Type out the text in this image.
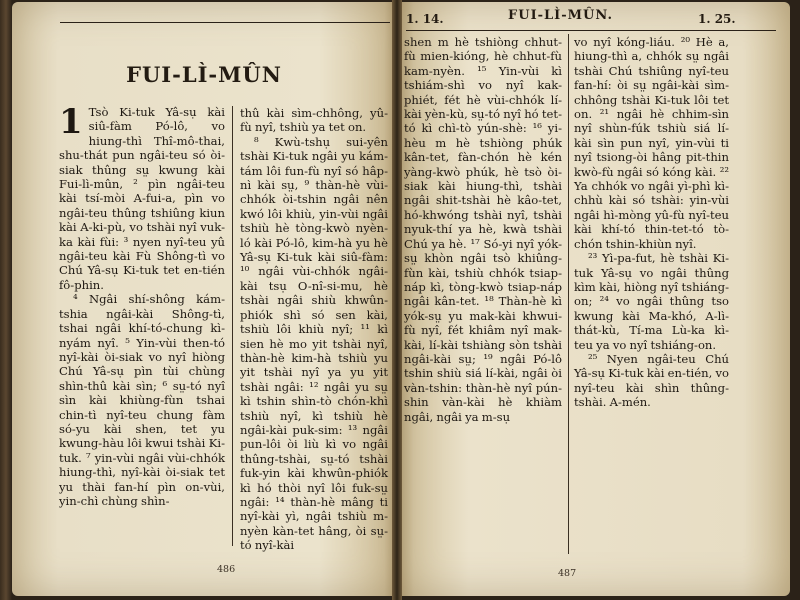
FUI-LÌ-MÛN
1 Tsò Ki-tuk Yâ-sụ kài siû-fàm Pó-lô, vo hiung-thì Thî-mô-thai, shu-thát pun ngâi-teu só òi-siak thûng sṳ kwung kài Fui-lì-mûn, ² pìn ngâi-teu kài tsí-mòi A-fui-a, pìn vo ngâi-teu thûng tshiûng kiun kài A-ki-pù, vo tshài nyî vuk-ka kài fùi: ³ nyen nyî-teu yû ngâi-teu kài Fù Shông-tì vo Chú Yâ-sụ Ki-tuk tet en-tién fô-phin.

⁴ Ngâi shí-shông kám-tshia ngâi-kài Shông-tì, tshai ngâi khí-tó-chung kì-nyám nyî. ⁵ Yin-vùi then-tó nyî-kài òi-siak vo nyî hiòng Chú Yâ-sụ pìn tùi chùng shìn-thû kài sìn; ⁶ sṳ-tó nyî sìn kài khiùng-fùn tshai chin-tì nyî-teu chung fàm só-yu kài shen, tet yu kwung-hàu lôi kwui tshài Ki-tuk. ⁷ yin-vùi ngâi vùi-chhók hiung-thì, nyî-kài òi-siak tet yu thài fan-hí pìn on-vùi, yin-chì chùng shìn-

thû kài sìm-chhông, yû-fù nyî, tshiù ya tet on.

⁸ Kwù-tshụ sui-yên tshài Ki-tuk ngâi yu kám-tám lôi fun-fù nyî só hâp-nì kài sṳ, ⁹ thàn-hè vùi-chhók òi-tshin ngâi nên kwó lôi khiù, yin-vùi ngâi tshiù hè tòng-kwò nyèn-ló kài Pó-lô, kim-hà yu hè Yâ-sụ Ki-tuk kài siû-fàm: ¹⁰ ngâi vùi-chhók ngâi-kài tsụ O-nî-si-mu, hè tshài ngâi shiù khwûn-phiók shì só sen kài, tshiù lôi khiù nyî; ¹¹ kì sien hè mo yit tshài nyî, thàn-hè kim-hà tshiù yu yit tshài nyî ya yu yit tshài ngâi: ¹² ngâi yu sṳ kì tshin shìn-tò chón-khì tshiù nyî, kì tshiù hè ngâi-kài puk-sim: ¹³ ngâi pun-lôi òi liù kì vo ngâi thûng-tshài, sṳ-tó tshài fuk-yin kài khwûn-phiók kì hó thòi nyî lôi fuk-sṳ ngâi: ¹⁴ thàn-hè mâng ti nyî-kài yì, ngâi tshiù m-nyèn kàn-tet hâng, òi sṳ-tó nyî-kài

486
1. 14.	FUI-LÌ-MÛN.	1. 25.

shen m hè tshiòng chhut-fù mien-kióng, hè chhut-fù kam-nyèn. ¹⁵ Yin-vùi kì tshiám-shì vo nyî kak-phiét, fét hè vùi-chhók lí-kài yèn-kù, sṳ-tó nyî hó tet-tó kì chì-tò yún-shè: ¹⁶ yi-hèu m hè tshiòng phúk kân-tet, fàn-chón hè kén yàng-kwò phúk, hè tsò òi-siak kài hiung-thì, tshài ngâi shit-tshài hè kâo-tet, hó-khwóng tshài nyî, tshài nyuk-thí ya hè, kwà tshài Chú ya hè. ¹⁷ Só-yi nyî yók-sṳ khòn ngâi tsò khiûng-fùn kài, tshiù chhók tsiap-náp kì, tòng-kwò tsiap-náp ngâi kân-tet. ¹⁸ Thàn-hè kì yók-sṳ yu mak-kài khwui-fù nyî, fét khiâm nyî mak-kài, lí-kài tshiàng sòn tshài ngâi-kài sṳ; ¹⁹ ngâi Pó-lô tshin shiù siá lí-kài, ngâi òi vàn-tshin: thàn-hè nyî pún-shin vàn-kài hè khiàm ngâi, ngâi ya m-sụ

vo nyî kóng-liáu. ²⁰ Hè a, hiung-thì a, chhók sṳ ngâi tshài Chú tshiûng nyî-teu fan-hí: òi sṳ ngâi-kài sìm-chhông tshài Ki-tuk lôi tet on. ²¹ ngâi hè chhim-sìn nyî shùn-fúk tshiù siá lí-kài sìn pun nyî, yin-vùi ti nyî tsiong-òi hâng pit-thin kwò-fù ngâi só kóng kài. ²² Ya chhók vo ngâi yì-phì kì-chhù kài só tshài: yin-vùi ngâi hì-mòng yû-fù nyî-teu kài khí-tó thin-tet-tó tò-chón tshin-khiùn nyî.

²³ Yì-pa-fut, hè tshài Ki-tuk Yâ-sụ vo ngâi thûng kìm kài, hiòng nyî tshiáng-on; ²⁴ vo ngâi thûng tso kwung kài Ma-khó, A-lì-thát-kù, Tí-ma Lù-ka kì-teu ya vo nyî tshiáng-on.

²⁵ Nyen ngâi-teu Chú Yâ-sụ Ki-tuk kài en-tién, vo nyî-teu kài shìn thûng-tshài. A-mén.

487
